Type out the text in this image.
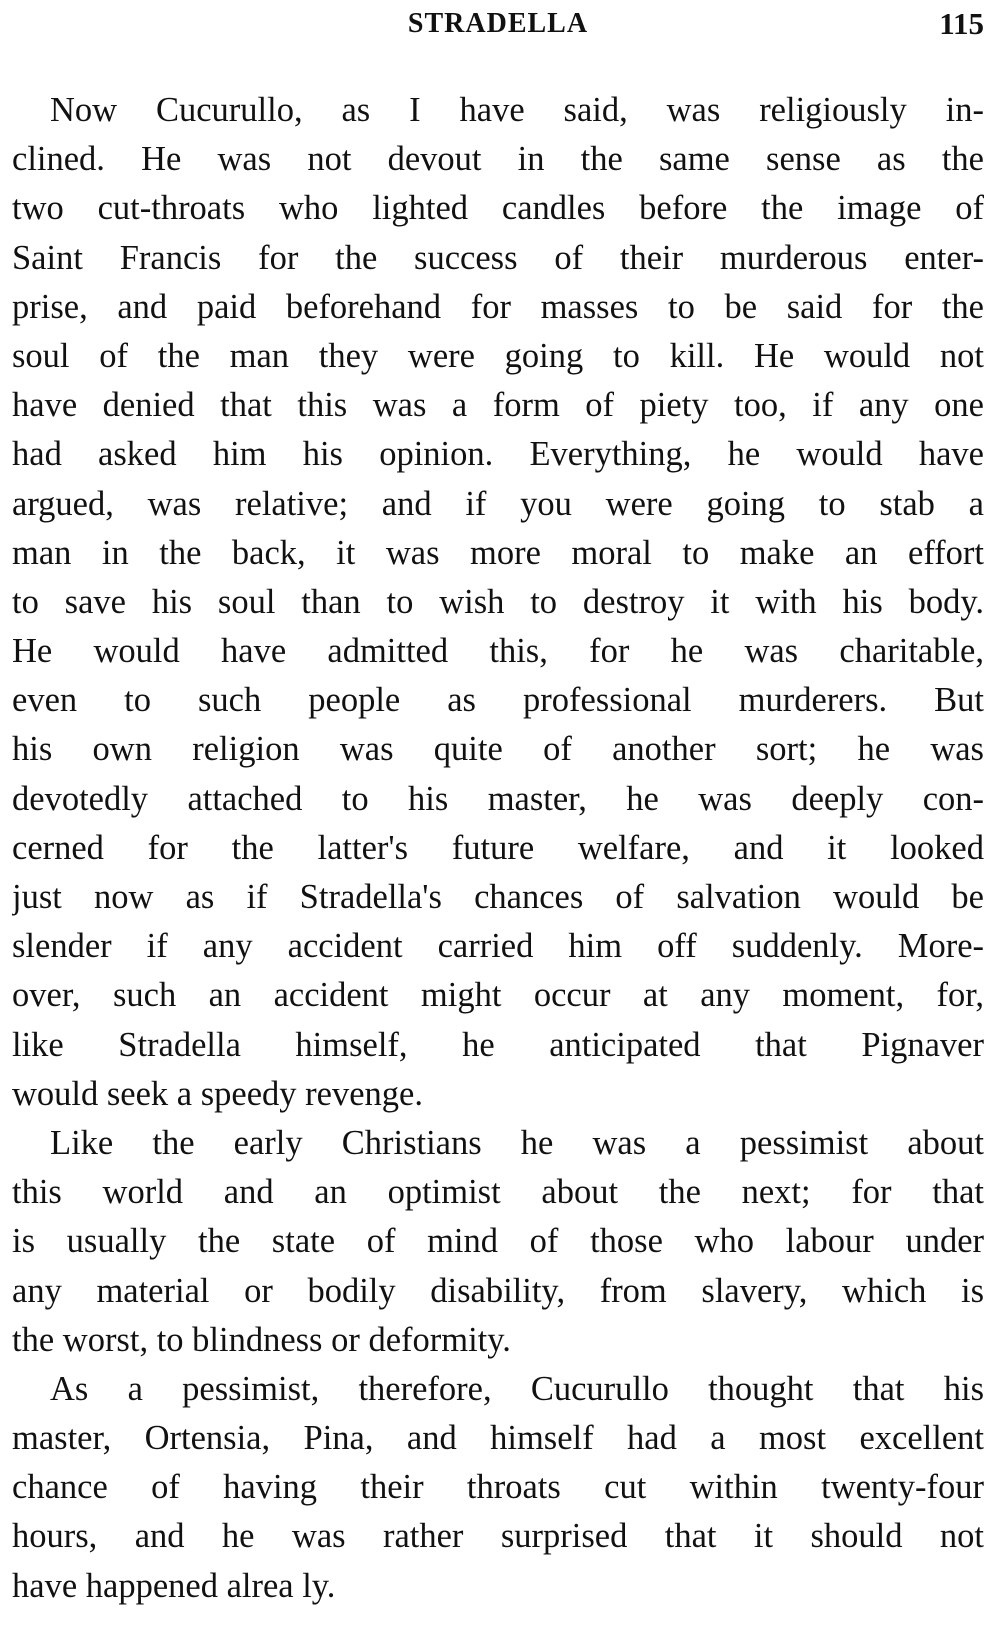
STRADELLA	115
Now Cucurullo, as I have said, was religiously in-
clined. He was not devout in the same sense as the
two cut-throats who lighted candles before the image of
Saint Francis for the success of their murderous enter-
prise, and paid beforehand for masses to be said for the
soul of the man they were going to kill. He would not
have denied that this was a form of piety too, if any one
had asked him his opinion. Everything, he would have
argued, was relative; and if you were going to stab a
man in the back, it was more moral to make an effort
to save his soul than to wish to destroy it with his body.
He would have admitted this, for he was charitable,
even to such people as professional murderers. But
his own religion was quite of another sort; he was
devotedly attached to his master, he was deeply con-
cerned for the latter's future welfare, and it looked
just now as if Stradella's chances of salvation would be
slender if any accident carried him off suddenly. More-
over, such an accident might occur at any moment, for,
like Stradella himself, he anticipated that Pignaver
would seek a speedy revenge.
Like the early Christians he was a pessimist about
this world and an optimist about the next; for that
is usually the state of mind of those who labour under
any material or bodily disability, from slavery, which is
the worst, to blindness or deformity.
As a pessimist, therefore, Cucurullo thought that his
master, Ortensia, Pina, and himself had a most excellent
chance of having their throats cut within twenty-four
hours, and he was rather surprised that it should not
have happened alrea ly.
